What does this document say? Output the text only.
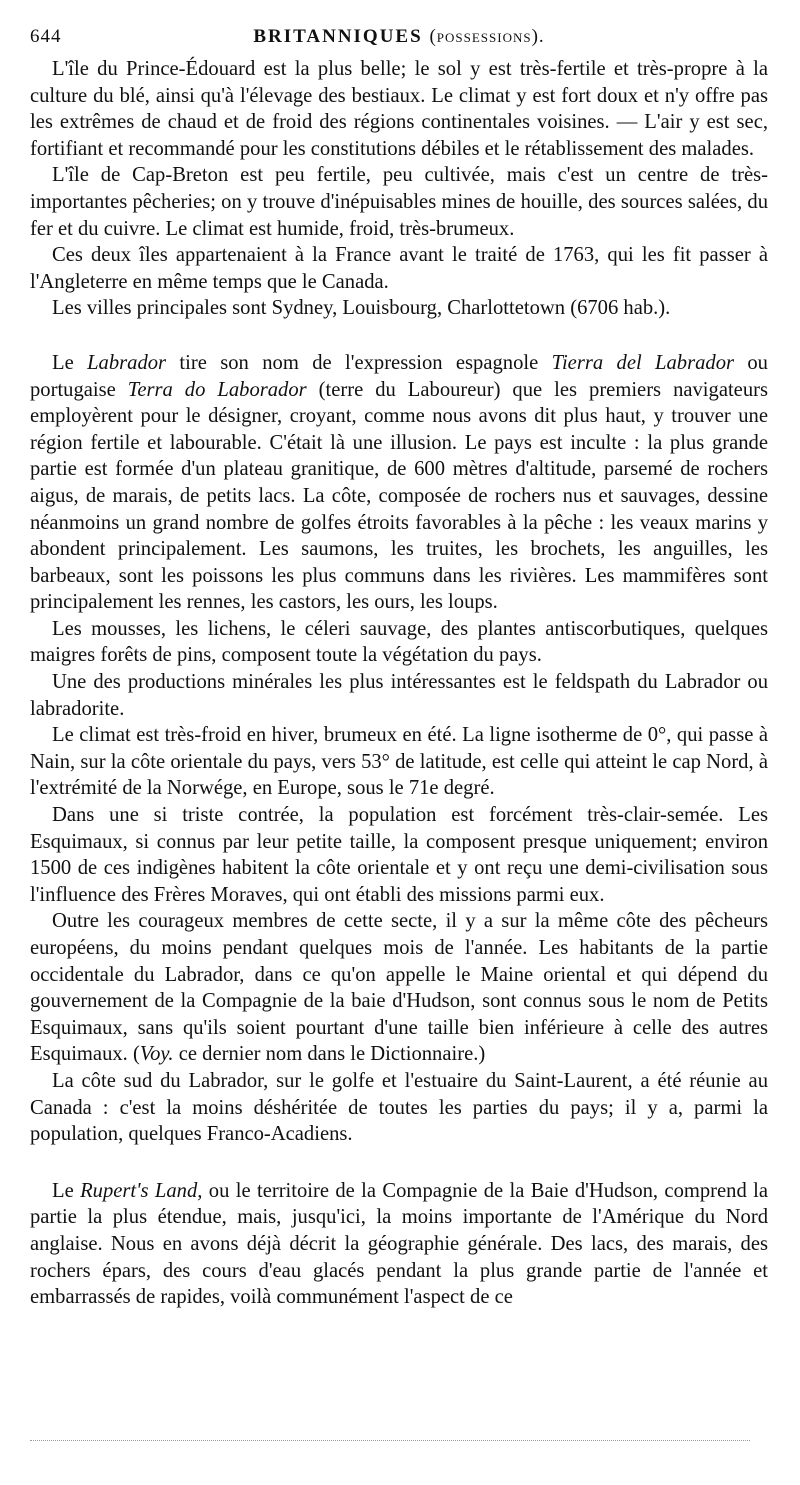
644	BRITANNIQUES (possessions).

L'île du Prince-Édouard est la plus belle; le sol y est très-fertile et très-propre à la culture du blé, ainsi qu'à l'élevage des bestiaux. Le climat y est fort doux et n'y offre pas les extrêmes de chaud et de froid des régions continentales voisines. — L'air y est sec, fortifiant et recommandé pour les constitutions débiles et le rétablissement des malades.

L'île de Cap-Breton est peu fertile, peu cultivée, mais c'est un centre de très-importantes pêcheries; on y trouve d'inépuisables mines de houille, des sources salées, du fer et du cuivre. Le climat est humide, froid, très-brumeux.

Ces deux îles appartenaient à la France avant le traité de 1763, qui les fit passer à l'Angleterre en même temps que le Canada.

Les villes principales sont Sydney, Louisbourg, Charlottetown (6706 hab.).

Le Labrador tire son nom de l'expression espagnole Tierra del Labrador ou portugaise Terra do Laborador (terre du Laboureur) que les premiers navigateurs employèrent pour le désigner, croyant, comme nous avons dit plus haut, y trouver une région fertile et labourable. C'était là une illusion. Le pays est inculte : la plus grande partie est formée d'un plateau granitique, de 600 mètres d'altitude, parsemé de rochers aigus, de marais, de petits lacs. La côte, composée de rochers nus et sauvages, dessine néanmoins un grand nombre de golfes étroits favorables à la pêche : les veaux marins y abondent principalement. Les saumons, les truites, les brochets, les anguilles, les barbeaux, sont les poissons les plus communs dans les rivières. Les mammifères sont principalement les rennes, les castors, les ours, les loups.

Les mousses, les lichens, le céleri sauvage, des plantes antiscorbutiques, quelques maigres forêts de pins, composent toute la végétation du pays.

Une des productions minérales les plus intéressantes est le feldspath du Labrador ou labradorite.

Le climat est très-froid en hiver, brumeux en été. La ligne isotherme de 0°, qui passe à Nain, sur la côte orientale du pays, vers 53° de latitude, est celle qui atteint le cap Nord, à l'extrémité de la Norwége, en Europe, sous le 71e degré.

Dans une si triste contrée, la population est forcément très-clair-semée. Les Esquimaux, si connus par leur petite taille, la composent presque uniquement; environ 1500 de ces indigènes habitent la côte orientale et y ont reçu une demi-civilisation sous l'influence des Frères Moraves, qui ont établi des missions parmi eux.

Outre les courageux membres de cette secte, il y a sur la même côte des pêcheurs européens, du moins pendant quelques mois de l'année. Les habitants de la partie occidentale du Labrador, dans ce qu'on appelle le Maine oriental et qui dépend du gouvernement de la Compagnie de la baie d'Hudson, sont connus sous le nom de Petits Esquimaux, sans qu'ils soient pourtant d'une taille bien inférieure à celle des autres Esquimaux. (Voy. ce dernier nom dans le Dictionnaire.)

La côte sud du Labrador, sur le golfe et l'estuaire du Saint-Laurent, a été réunie au Canada : c'est la moins déshéritée de toutes les parties du pays; il y a, parmi la population, quelques Franco-Acadiens.

Le Rupert's Land, ou le territoire de la Compagnie de la Baie d'Hudson, comprend la partie la plus étendue, mais, jusqu'ici, la moins importante de l'Amérique du Nord anglaise. Nous en avons déjà décrit la géographie générale. Des lacs, des marais, des rochers épars, des cours d'eau glacés pendant la plus grande partie de l'année et embarrassés de rapides, voilà communément l'aspect de ce
